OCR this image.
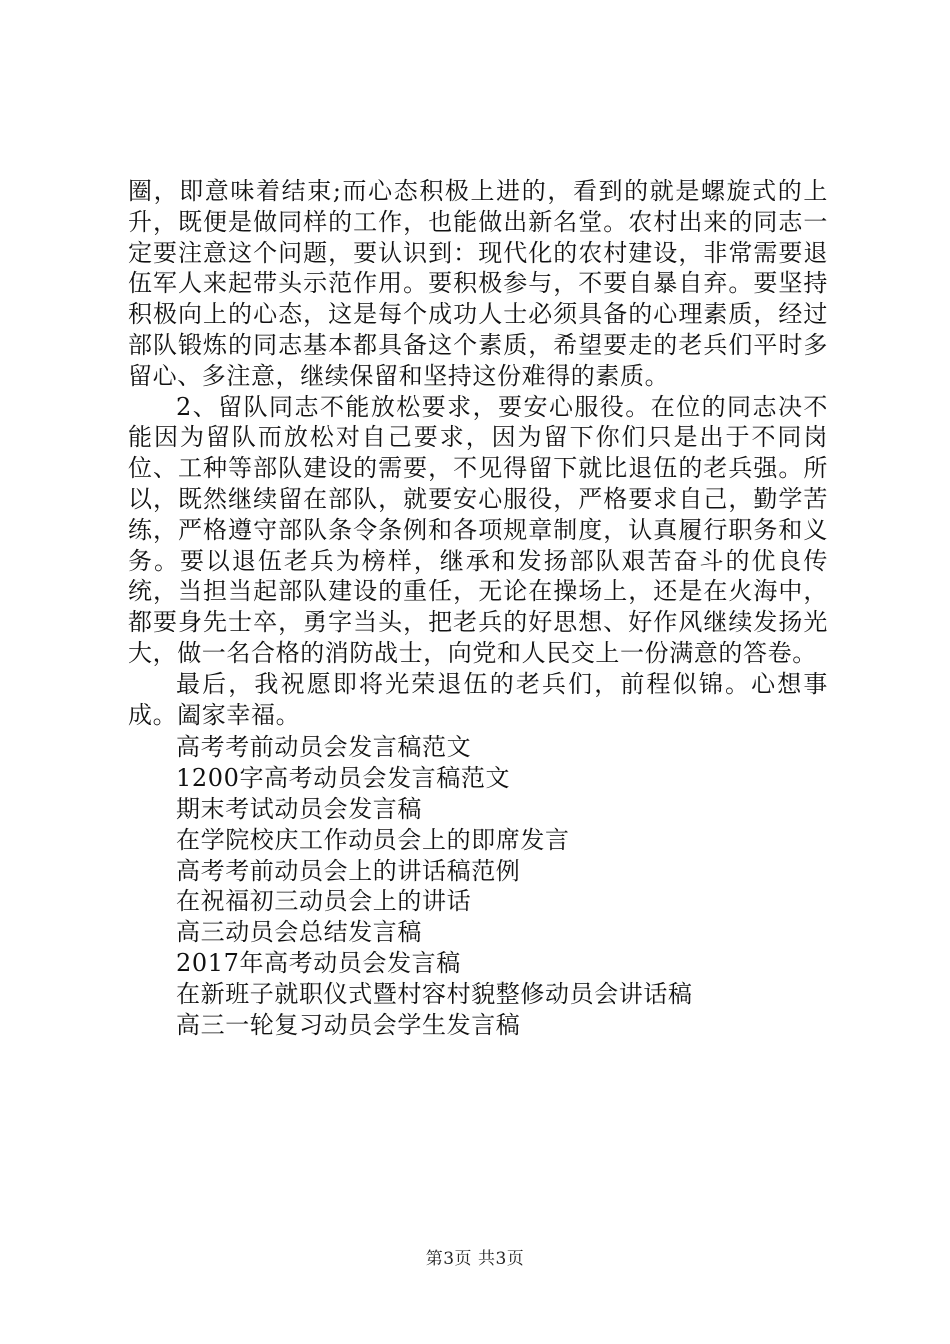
圈，即意味着结束;而心态积极上进的，看到的就是螺旋式的上升，既便是做同样的工作，也能做出新名堂。农村出来的同志一定要注意这个问题，要认识到：现代化的农村建设，非常需要退伍军人来起带头示范作用。要积极参与，不要自暴自弃。要坚持积极向上的心态，这是每个成功人士必须具备的心理素质，经过部队锻炼的同志基本都具备这个素质，希望要走的老兵们平时多留心、多注意，继续保留和坚持这份难得的素质。

2、留队同志不能放松要求，要安心服役。在位的同志决不能因为留队而放松对自己要求，因为留下你们只是出于不同岗位、工种等部队建设的需要，不见得留下就比退伍的老兵强。所以，既然继续留在部队，就要安心服役，严格要求自己，勤学苦练，严格遵守部队条令条例和各项规章制度，认真履行职务和义务。要以退伍老兵为榜样，继承和发扬部队艰苦奋斗的优良传统，当担当起部队建设的重任，无论在操场上，还是在火海中，都要身先士卒，勇字当头，把老兵的好思想、好作风继续发扬光大，做一名合格的消防战士，向党和人民交上一份满意的答卷。

最后，我祝愿即将光荣退伍的老兵们，前程似锦。心想事成。阖家幸福。

高考考前动员会发言稿范文
1200字高考动员会发言稿范文
期末考试动员会发言稿
在学院校庆工作动员会上的即席发言
高考考前动员会上的讲话稿范例
在祝福初三动员会上的讲话
高三动员会总结发言稿
2017年高考动员会发言稿
在新班子就职仪式暨村容村貌整修动员会讲话稿
高三一轮复习动员会学生发言稿
第3页 共3页
